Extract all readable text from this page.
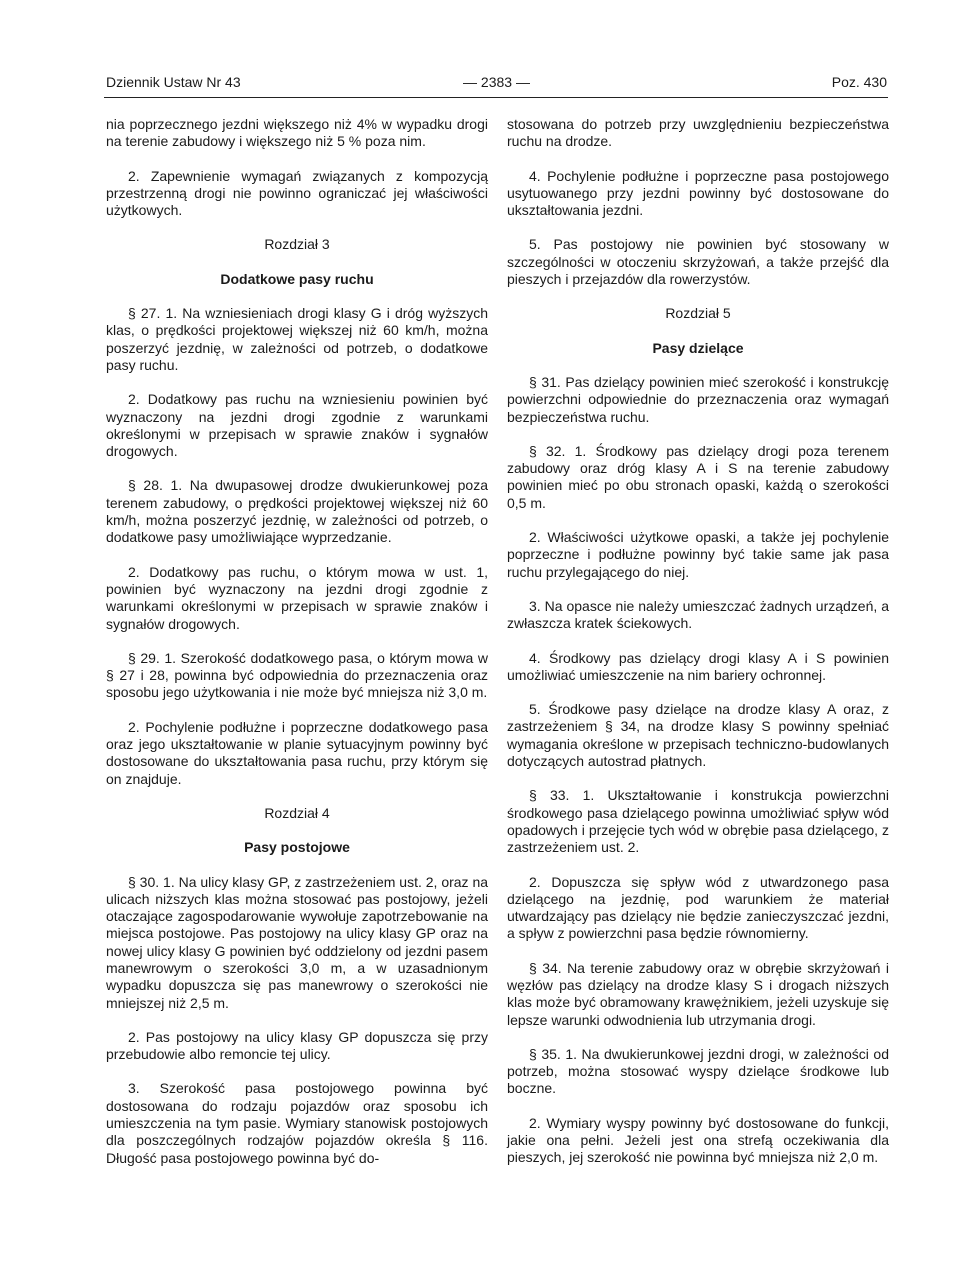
Dziennik Ustaw Nr 43	— 2383 —	Poz. 430

nia poprzecznego jezdni większego niż 4% w wypadku drogi na terenie zabudowy i większego niż 5 % poza nim.

2. Zapewnienie wymagań związanych z kompozycją przestrzenną drogi nie powinno ograniczać jej właściwości użytkowych.

Rozdział 3
Dodatkowe pasy ruchu

§ 27. 1. Na wzniesieniach drogi klasy G i dróg wyższych klas, o prędkości projektowej większej niż 60 km/h, można poszerzyć jezdnię, w zależności od potrzeb, o dodatkowe pasy ruchu.

2. Dodatkowy pas ruchu na wzniesieniu powinien być wyznaczony na jezdni drogi zgodnie z warunkami określonymi w przepisach w sprawie znaków i sygnałów drogowych.

§ 28. 1. Na dwupasowej drodze dwukierunkowej poza terenem zabudowy, o prędkości projektowej większej niż 60 km/h, można poszerzyć jezdnię, w zależności od potrzeb, o dodatkowe pasy umożliwiające wyprzedzanie.

2. Dodatkowy pas ruchu, o którym mowa w ust. 1, powinien być wyznaczony na jezdni drogi zgodnie z warunkami określonymi w przepisach w sprawie znaków i sygnałów drogowych.

§ 29. 1. Szerokość dodatkowego pasa, o którym mowa w § 27 i 28, powinna być odpowiednia do przeznaczenia oraz sposobu jego użytkowania i nie może być mniejsza niż 3,0 m.

2. Pochylenie podłużne i poprzeczne dodatkowego pasa oraz jego ukształtowanie w planie sytuacyjnym powinny być dostosowane do ukształtowania pasa ruchu, przy którym się on znajduje.

Rozdział 4
Pasy postojowe

§ 30. 1. Na ulicy klasy GP, z zastrzeżeniem ust. 2, oraz na ulicach niższych klas można stosować pas postojowy, jeżeli otaczające zagospodarowanie wywołuje zapotrzebowanie na miejsca postojowe. Pas postojowy na ulicy klasy GP oraz na nowej ulicy klasy G powinien być oddzielony od jezdni pasem manewrowym o szerokości 3,0 m, a w uzasadnionym wypadku dopuszcza się pas manewrowy o szerokości nie mniejszej niż 2,5 m.

2. Pas postojowy na ulicy klasy GP dopuszcza się przy przebudowie albo remoncie tej ulicy.

3. Szerokość pasa postojowego powinna być dostosowana do rodzaju pojazdów oraz sposobu ich umieszczenia na tym pasie. Wymiary stanowisk postojowych dla poszczególnych rodzajów pojazdów określa § 116. Długość pasa postojowego powinna być do-

stosowana do potrzeb przy uwzględnieniu bezpieczeństwa ruchu na drodze.

4. Pochylenie podłużne i poprzeczne pasa postojowego usytuowanego przy jezdni powinny być dostosowane do ukształtowania jezdni.

5. Pas postojowy nie powinien być stosowany w szczególności w otoczeniu skrzyżowań, a także przejść dla pieszych i przejazdów dla rowerzystów.

Rozdział 5
Pasy dzielące

§ 31. Pas dzielący powinien mieć szerokość i konstrukcję powierzchni odpowiednie do przeznaczenia oraz wymagań bezpieczeństwa ruchu.

§ 32. 1. Środkowy pas dzielący drogi poza terenem zabudowy oraz dróg klasy A i S na terenie zabudowy powinien mieć po obu stronach opaski, każdą o szerokości 0,5 m.

2. Właściwości użytkowe opaski, a także jej pochylenie poprzeczne i podłużne powinny być takie same jak pasa ruchu przylegającego do niej.

3. Na opasce nie należy umieszczać żadnych urządzeń, a zwłaszcza kratek ściekowych.

4. Środkowy pas dzielący drogi klasy A i S powinien umożliwiać umieszczenie na nim bariery ochronnej.

5. Środkowe pasy dzielące na drodze klasy A oraz, z zastrzeżeniem § 34, na drodze klasy S powinny spełniać wymagania określone w przepisach techniczno-budowlanych dotyczących autostrad płatnych.

§ 33. 1. Ukształtowanie i konstrukcja powierzchni środkowego pasa dzielącego powinna umożliwiać spływ wód opadowych i przejęcie tych wód w obrębie pasa dzielącego, z zastrzeżeniem ust. 2.

2. Dopuszcza się spływ wód z utwardzonego pasa dzielącego na jezdnię, pod warunkiem że materiał utwardzający pas dzielący nie będzie zanieczyszczać jezdni, a spływ z powierzchni pasa będzie równomierny.

§ 34. Na terenie zabudowy oraz w obrębie skrzyżowań i węzłów pas dzielący na drodze klasy S i drogach niższych klas może być obramowany krawężnikiem, jeżeli uzyskuje się lepsze warunki odwodnienia lub utrzymania drogi.

§ 35. 1. Na dwukierunkowej jezdni drogi, w zależności od potrzeb, można stosować wyspy dzielące środkowe lub boczne.

2. Wymiary wyspy powinny być dostosowane do funkcji, jakie ona pełni. Jeżeli jest ona strefą oczekiwania dla pieszych, jej szerokość nie powinna być mniejsza niż 2,0 m.
